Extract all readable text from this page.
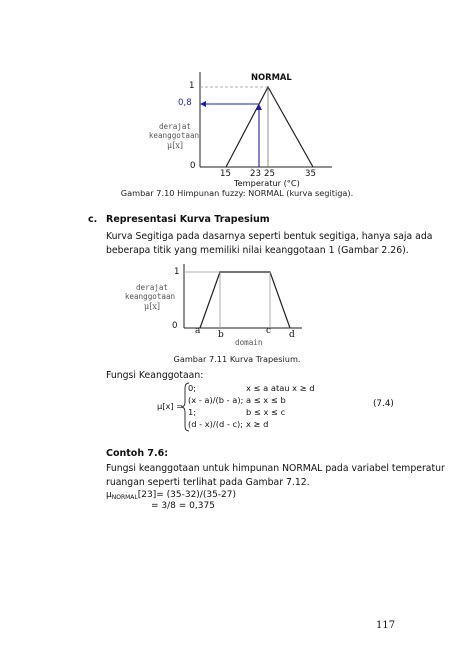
NORMAL
1
0,8
derajat
keanggotaan
μ[x]
0
15 23 25	35
Temperatur (°C)
Gambar 7.10 Himpunan fuzzy: NORMAL (kurva segitiga).
c. Representasi Kurva Trapesium
Kurva Segitiga pada dasarnya seperti bentuk segitiga, hanya saja ada
beberapa titik yang memiliki nilai keanggotaan 1 (Gambar 2.26).
1
derajat
keanggotaan
μ[x]
0 a b	c d
domain
Gambar 7.11 Kurva Trapesium.
Fungsi Keanggotaan:
μ[x] =
0;	x ≤ a atau x ≥ d
(x - a)/(b - a); a ≤ x ≤ b
1;	b ≤ x ≤ c
(d - x)/(d - c); x ≥ d
(7.4)
Contoh 7.6:
Fungsi keanggotaan untuk himpunan NORMAL pada variabel temperatur
ruangan seperti terlihat pada Gambar 7.12.
$\mu_{NORMAL}[23]= (35-32)/(35-27)$
= 3/8 = 0,375
117
